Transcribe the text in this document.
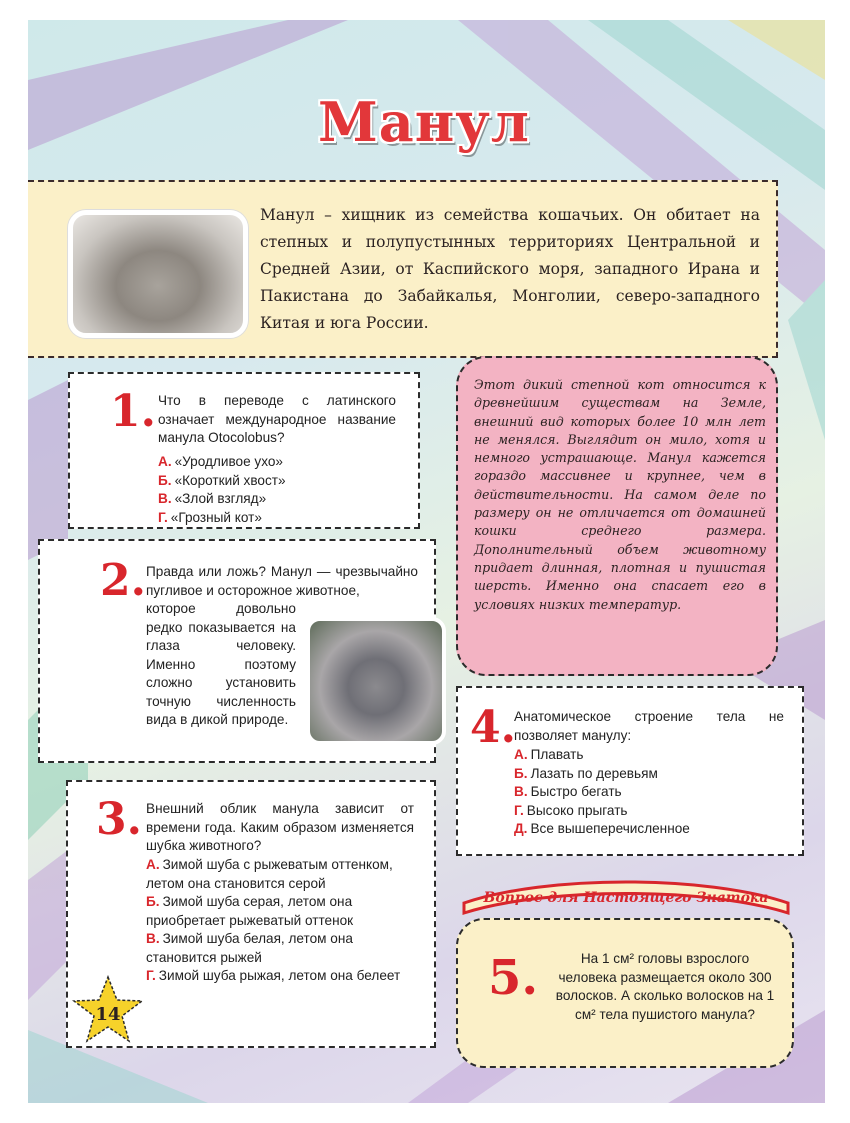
Манул
Манул – хищник из семейства кошачьих. Он обитает на степных и полупустынных территориях Центральной и Средней Азии, от Каспийского моря, западного Ирана и Пакистана до Забайкалья, Монголии, северо-западного Китая и юга России.
1. Что в переводе с латинского означает международное название манула Otocolobus?
А. «Уродливое ухо»
Б. «Короткий хвост»
В. «Злой взгляд»
Г. «Грозный кот»
Этот дикий степной кот относится к древнейшим существам на Земле, внешний вид которых более 10 млн лет не менялся. Выглядит он мило, хотя и немного устрашающе. Манул кажется гораздо массивнее и крупнее, чем в действительности. На самом деле по размеру он не отличается от домашней кошки среднего размера. Дополнительный объем животному придает длинная, плотная и пушистая шерсть. Именно она спасает его в условиях низких температур.
2. Правда или ложь? Манул — чрезвычайно пугливое и осторожное животное,
которое довольно редко показывается на глаза человеку. Именно поэтому сложно установить точную численность вида в дикой природе.	4.
Анатомическое строение тела не позволяет манулу:
А. Плавать
Б. Лазать по деревьям
В. Быстро бегать
Г. Высоко прыгать
Д. Все вышеперечисленное
3. Внешний облик манула зависит от времени года. Каким образом изменяется шубка животного?
А. Зимой шуба с рыжеватым оттенком, летом она становится серой
Б. Зимой шуба серая, летом она приобретает рыжеватый оттенок
В. Зимой шуба белая, летом она становится рыжей
Г. Зимой шуба рыжая, летом она белеет
Вопрос для Настоящего Знатока
5.	На 1 см² головы взрослого человека размещается около 300 волосков. А сколько волосков на 1 см² тела пушистого манула?
14
